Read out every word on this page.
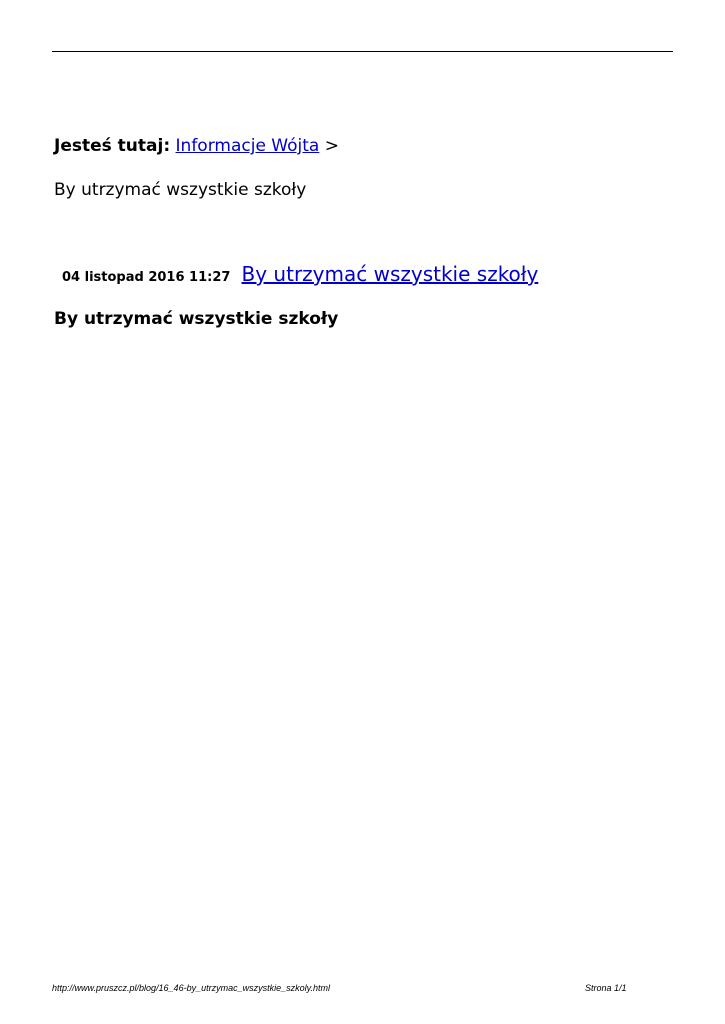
Jesteś tutaj: Informacje Wójta >
By utrzymać wszystkie szkoły
04 listopad 2016 11:27 By utrzymać wszystkie szkoły
By utrzymać wszystkie szkoły
http://www.pruszcz.pl/blog/16_46-by_utrzymac_wszystkie_szkoly.html	Strona 1/1
